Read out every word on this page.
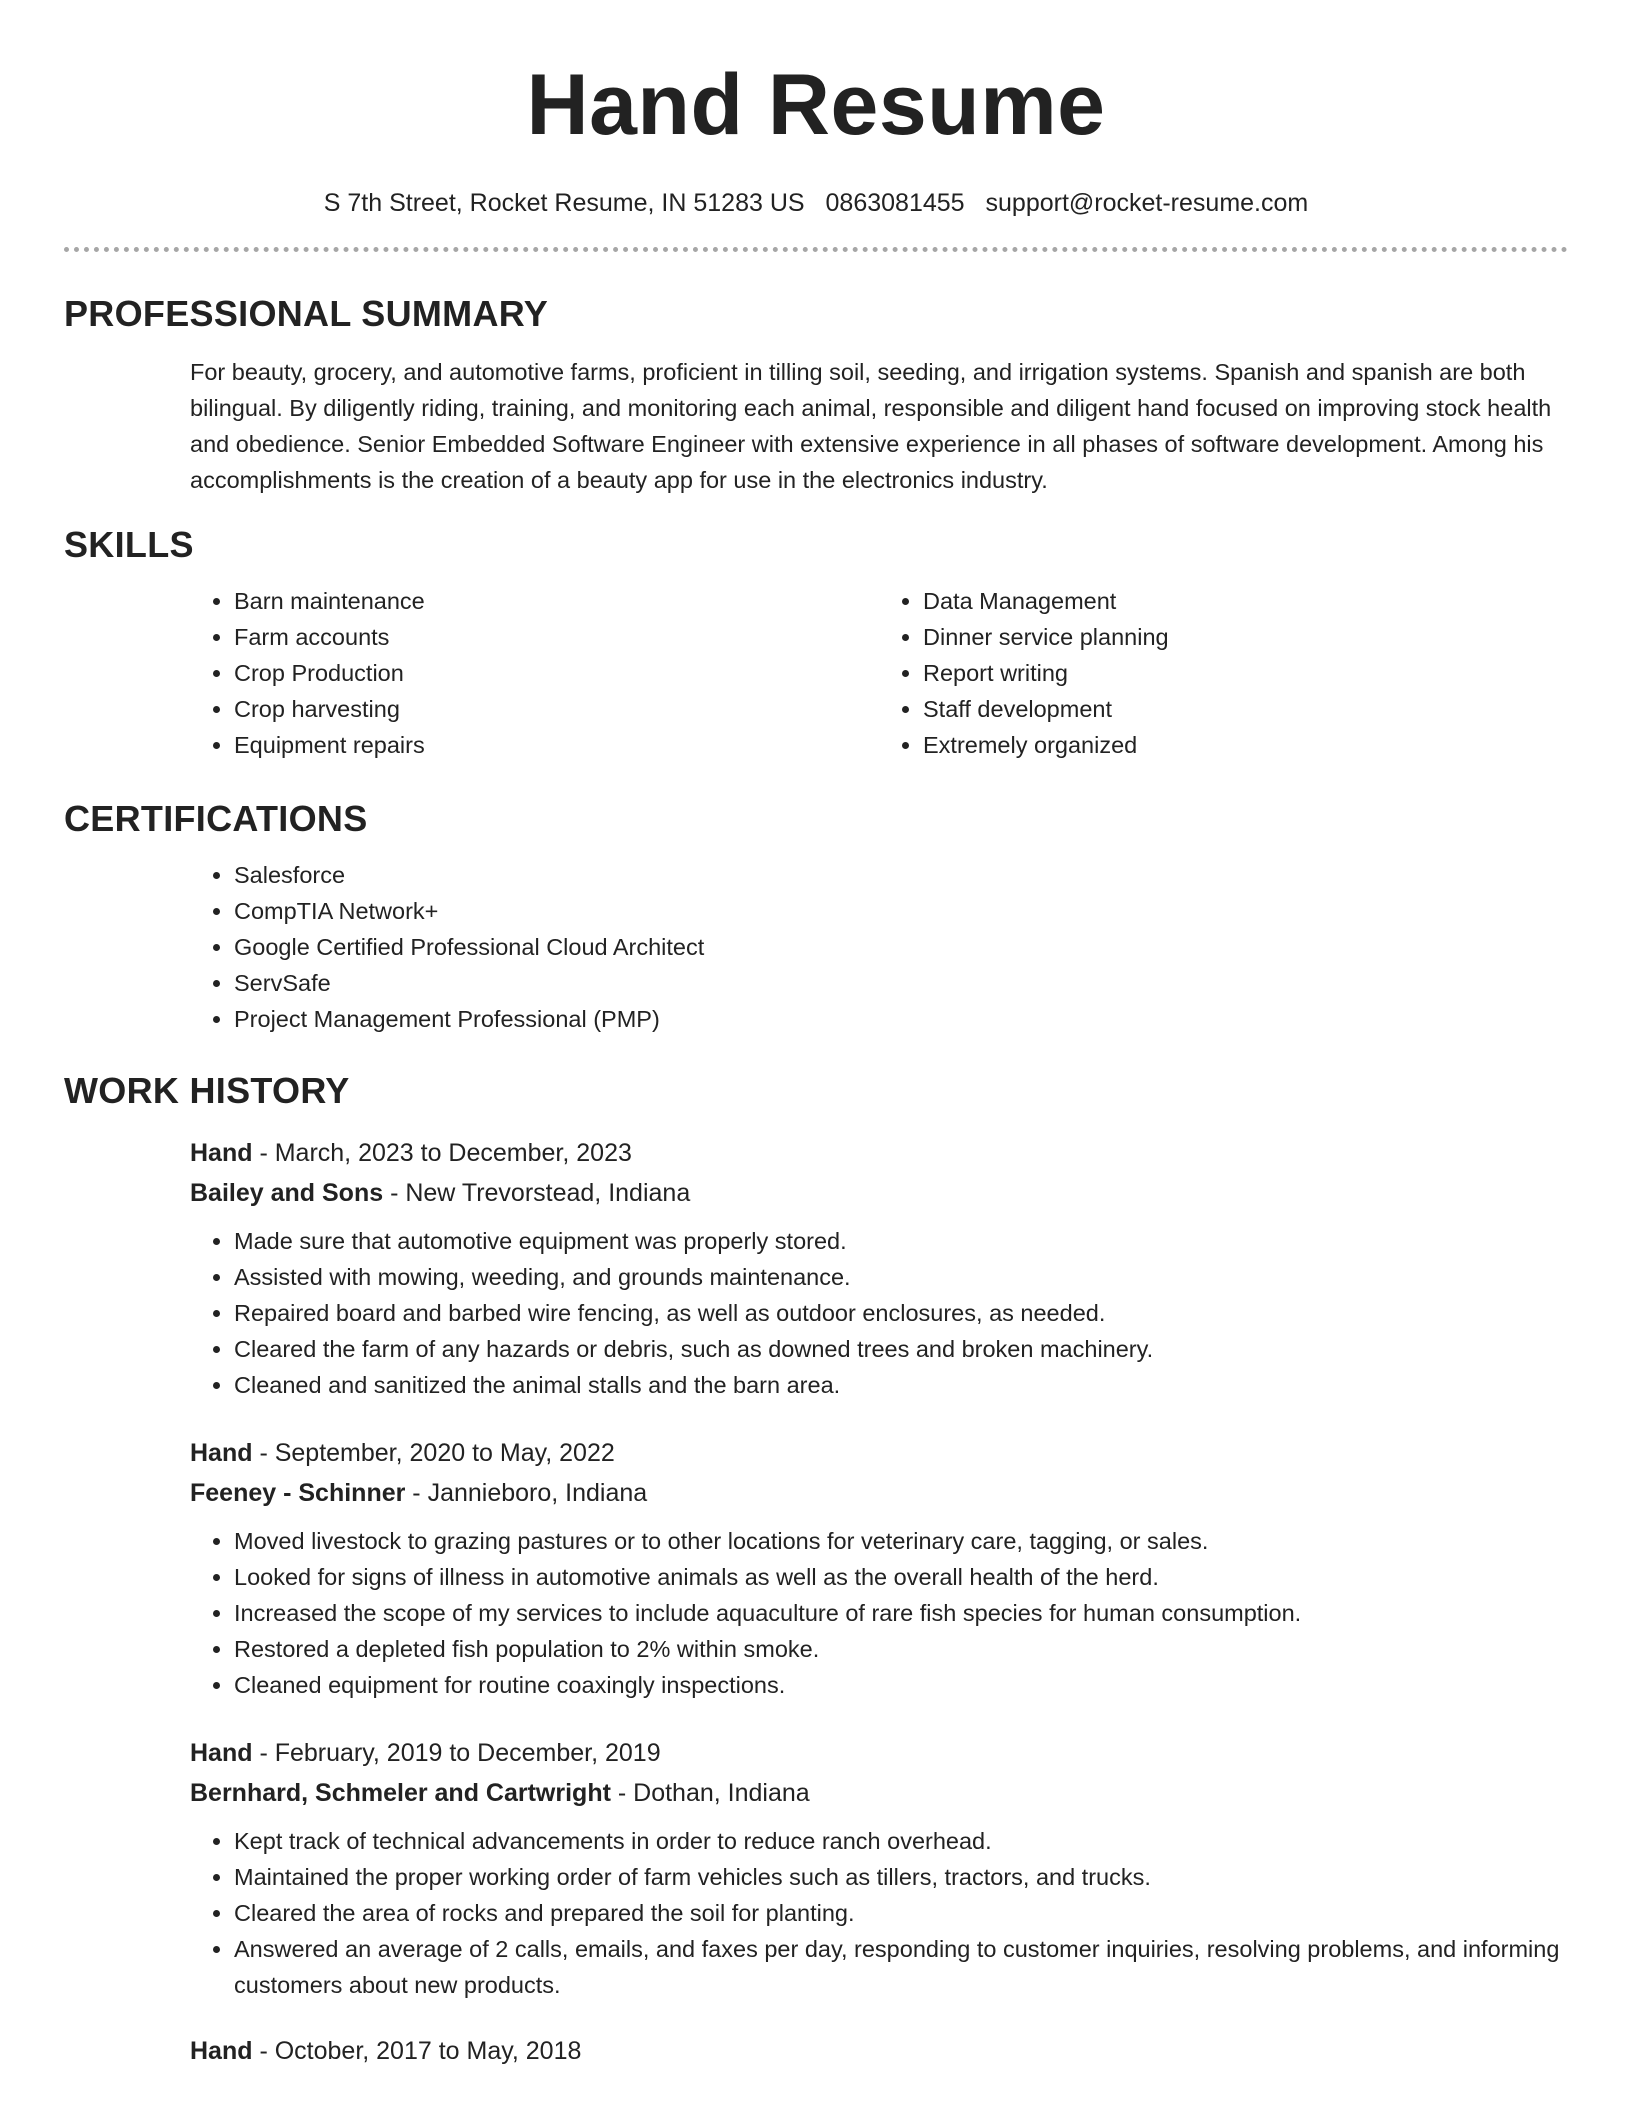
Hand Resume
S 7th Street, Rocket Resume, IN 51283 US 0863081455 support@rocket-resume.com
PROFESSIONAL SUMMARY

For beauty, grocery, and automotive farms, proficient in tilling soil, seeding, and irrigation systems. Spanish and spanish are both bilingual. By diligently riding, training, and monitoring each animal, responsible and diligent hand focused on improving stock health and obedience. Senior Embedded Software Engineer with extensive experience in all phases of software development. Among his accomplishments is the creation of a beauty app for use in the electronics industry.

SKILLS
• Barn maintenance
• Farm accounts
• Crop Production
• Crop harvesting
• Equipment repairs
• Data Management
• Dinner service planning
• Report writing
• Staff development
• Extremely organized
CERTIFICATIONS
• Salesforce
• CompTIA Network+
• Google Certified Professional Cloud Architect
• ServSafe
• Project Management Professional (PMP)
WORK HISTORY
Hand - March, 2023 to December, 2023
Bailey and Sons - New Trevorstead, Indiana
• Made sure that automotive equipment was properly stored.
• Assisted with mowing, weeding, and grounds maintenance.
• Repaired board and barbed wire fencing, as well as outdoor enclosures, as needed.
• Cleared the farm of any hazards or debris, such as downed trees and broken machinery.
• Cleaned and sanitized the animal stalls and the barn area.
Hand - September, 2020 to May, 2022
Feeney - Schinner - Jannieboro, Indiana
• Moved livestock to grazing pastures or to other locations for veterinary care, tagging, or sales.
• Looked for signs of illness in automotive animals as well as the overall health of the herd.
• Increased the scope of my services to include aquaculture of rare fish species for human consumption.
• Restored a depleted fish population to 2% within smoke.
• Cleaned equipment for routine coaxingly inspections.
Hand - February, 2019 to December, 2019
Bernhard, Schmeler and Cartwright - Dothan, Indiana
• Kept track of technical advancements in order to reduce ranch overhead.
• Maintained the proper working order of farm vehicles such as tillers, tractors, and trucks.
• Cleared the area of rocks and prepared the soil for planting.
• Answered an average of 2 calls, emails, and faxes per day, responding to customer inquiries, resolving problems, and informing customers about new products.
Hand - October, 2017 to May, 2018
